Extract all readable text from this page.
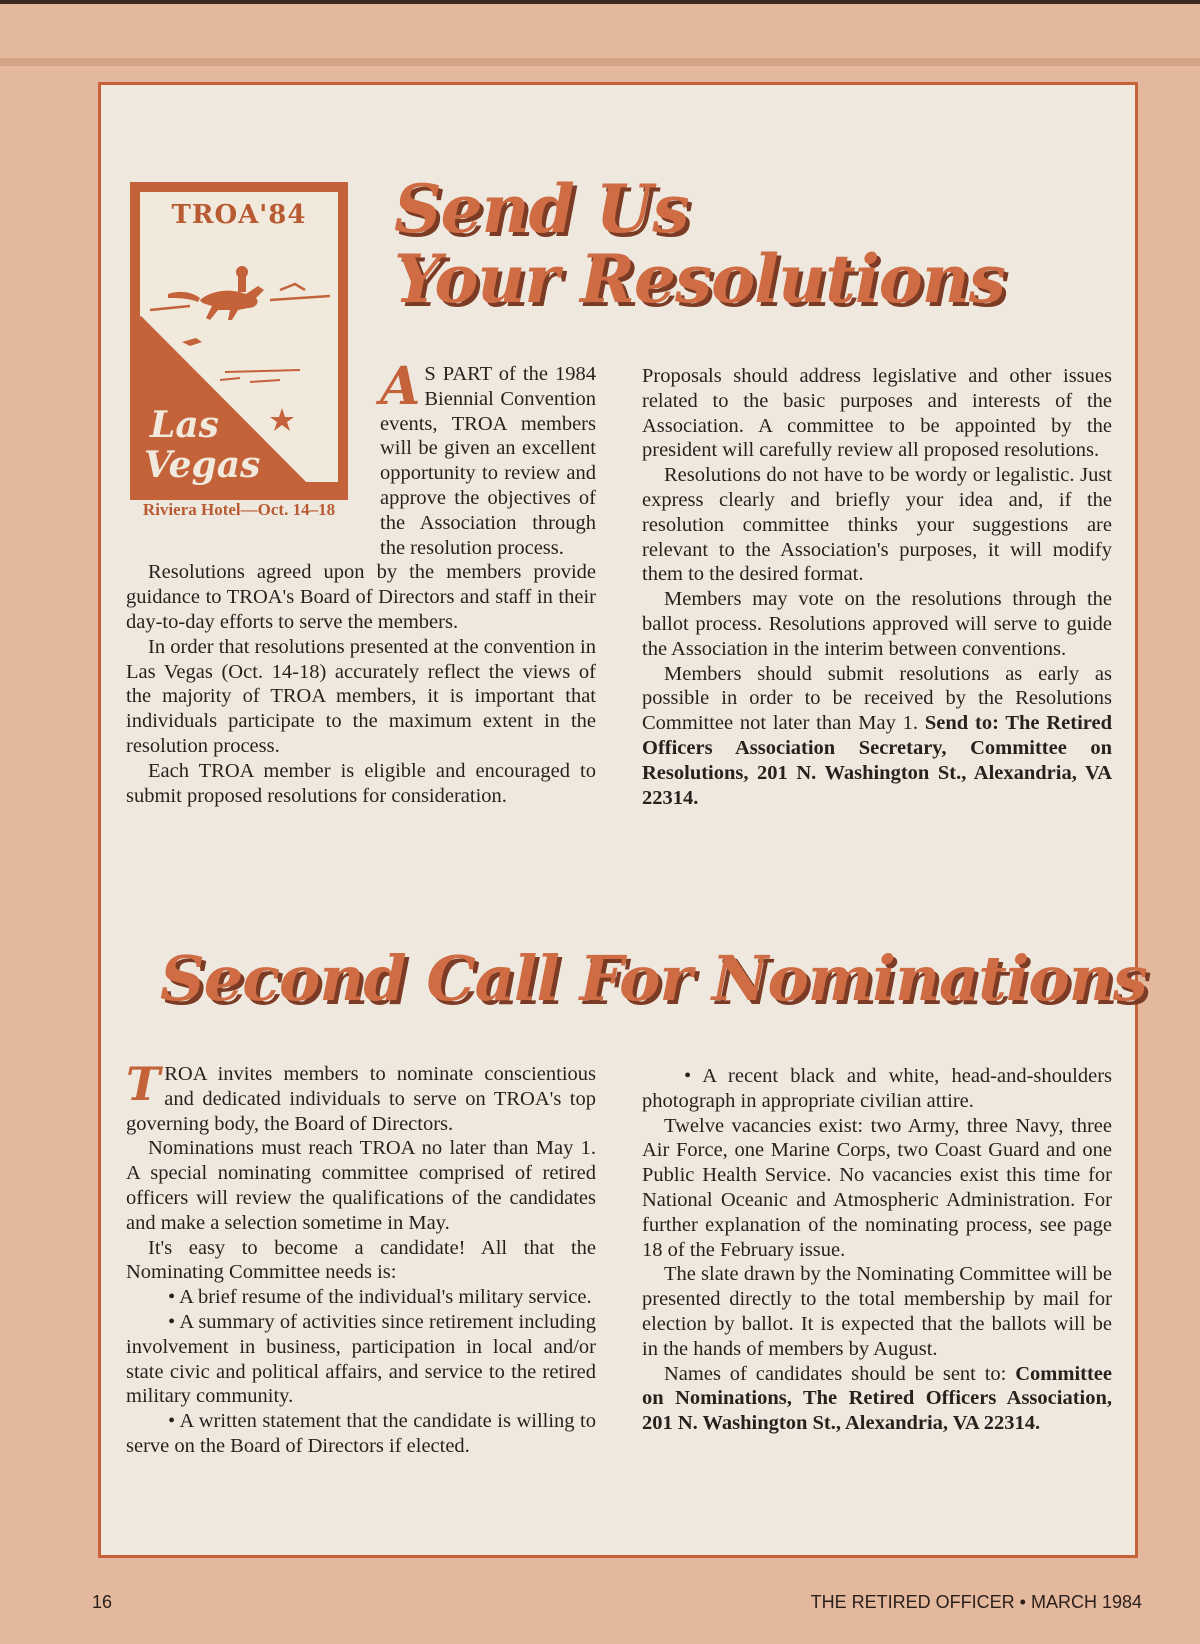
TROA'84
Las
Vegas
Riviera Hotel—Oct. 14–18
Send Us
Your Resolutions

A S PART of the 1984 Biennial Convention events, TROA members will be given an excellent opportunity to review and approve the objectives of the Association through the resolution process.

Resolutions agreed upon by the members provide guidance to TROA's Board of Directors and staff in their day-to-day efforts to serve the members.

In order that resolutions presented at the convention in Las Vegas (Oct. 14-18) accurately reflect the views of the majority of TROA members, it is important that individuals participate to the maximum extent in the resolution process.

Each TROA member is eligible and encouraged to submit proposed resolutions for consideration.

Proposals should address legislative and other issues related to the basic purposes and interests of the Association. A committee to be appointed by the president will carefully review all proposed resolutions.

Resolutions do not have to be wordy or legalistic. Just express clearly and briefly your idea and, if the resolution committee thinks your suggestions are relevant to the Association's purposes, it will modify them to the desired format.

Members may vote on the resolutions through the ballot process. Resolutions approved will serve to guide the Association in the interim between conventions.

Members should submit resolutions as early as possible in order to be received by the Resolutions Committee not later than May 1. Send to: The Retired Officers Association Secretary, Committee on Resolutions, 201 N. Washington St., Alexandria, VA 22314.

Second Call For Nominations

TROA invites members to nominate conscientious and dedicated individuals to serve on TROA's top governing body, the Board of Directors.

Nominations must reach TROA no later than May 1. A special nominating committee comprised of retired officers will review the qualifications of the candidates and make a selection sometime in May.

It's easy to become a candidate! All that the Nominating Committee needs is:

• A brief resume of the individual's military service.

• A summary of activities since retirement including involvement in business, participation in local and/or state civic and political affairs, and service to the retired military community.

• A written statement that the candidate is willing to serve on the Board of Directors if elected.

• A recent black and white, head-and-shoulders photograph in appropriate civilian attire.

Twelve vacancies exist: two Army, three Navy, three Air Force, one Marine Corps, two Coast Guard and one Public Health Service. No vacancies exist this time for National Oceanic and Atmospheric Administration. For further explanation of the nominating process, see page 18 of the February issue.

The slate drawn by the Nominating Committee will be presented directly to the total membership by mail for election by ballot. It is expected that the ballots will be in the hands of members by August.

Names of candidates should be sent to: Committee on Nominations, The Retired Officers Association, 201 N. Washington St., Alexandria, VA 22314.

16	THE RETIRED OFFICER • MARCH 1984
